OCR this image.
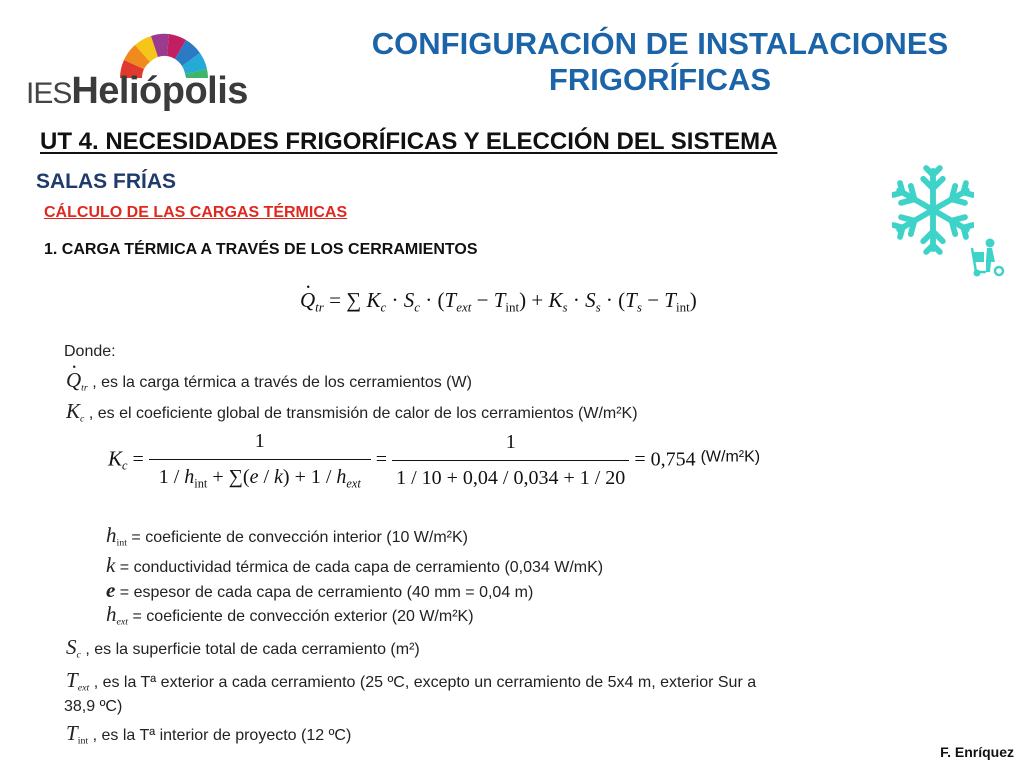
IESHeliópolis
CONFIGURACIÓN DE INSTALACIONES
FRIGORÍFICAS
UT 4. NECESIDADES FRIGORÍFICAS Y ELECCIÓN DEL SISTEMA
SALAS FRÍAS
CÁLCULO DE LAS CARGAS TÉRMICAS
1. CARGA TÉRMICA A TRAVÉS DE LOS CERRAMIENTOS
· $Q_{tr}$ = ∑ $K_c \cdot S_c \cdot (T_{ext} - T_{int}) + K_s \cdot S_s \cdot (T_s - T_{int})$
Donde:
· $Q_{tr}$ , es la carga térmica a través de los cerramientos (W)
$K_c$ , es el coeficiente global de transmisión de calor de los cerramientos (W/m²K)
$K_c = \frac{1}{1 / h_{int} + \sum(e / k) + 1 / h_{ext}} = \frac{1}{1 / 10 + 0,04 / 0,034 + 1 / 20} = 0,754$ $^{(W/m^2K)}$
$h_{int}$ = coeficiente de convección interior (10 W/m²K)
k = conductividad térmica de cada capa de cerramiento (0,034 W/mK)
e = espesor de cada capa de cerramiento (40 mm = 0,04 m)
$h_{ext}$ = coeficiente de convección exterior (20 W/m²K)
$S_c$ , es la superficie total de cada cerramiento (m²)
$T_{ext}$ , es la Tª exterior a cada cerramiento (25 ºC, excepto un cerramiento de 5x4 m, exterior Sur a
38,9 ºC)
$T_{int}$ , es la Tª interior de proyecto (12 ºC)
F. Enríquez
